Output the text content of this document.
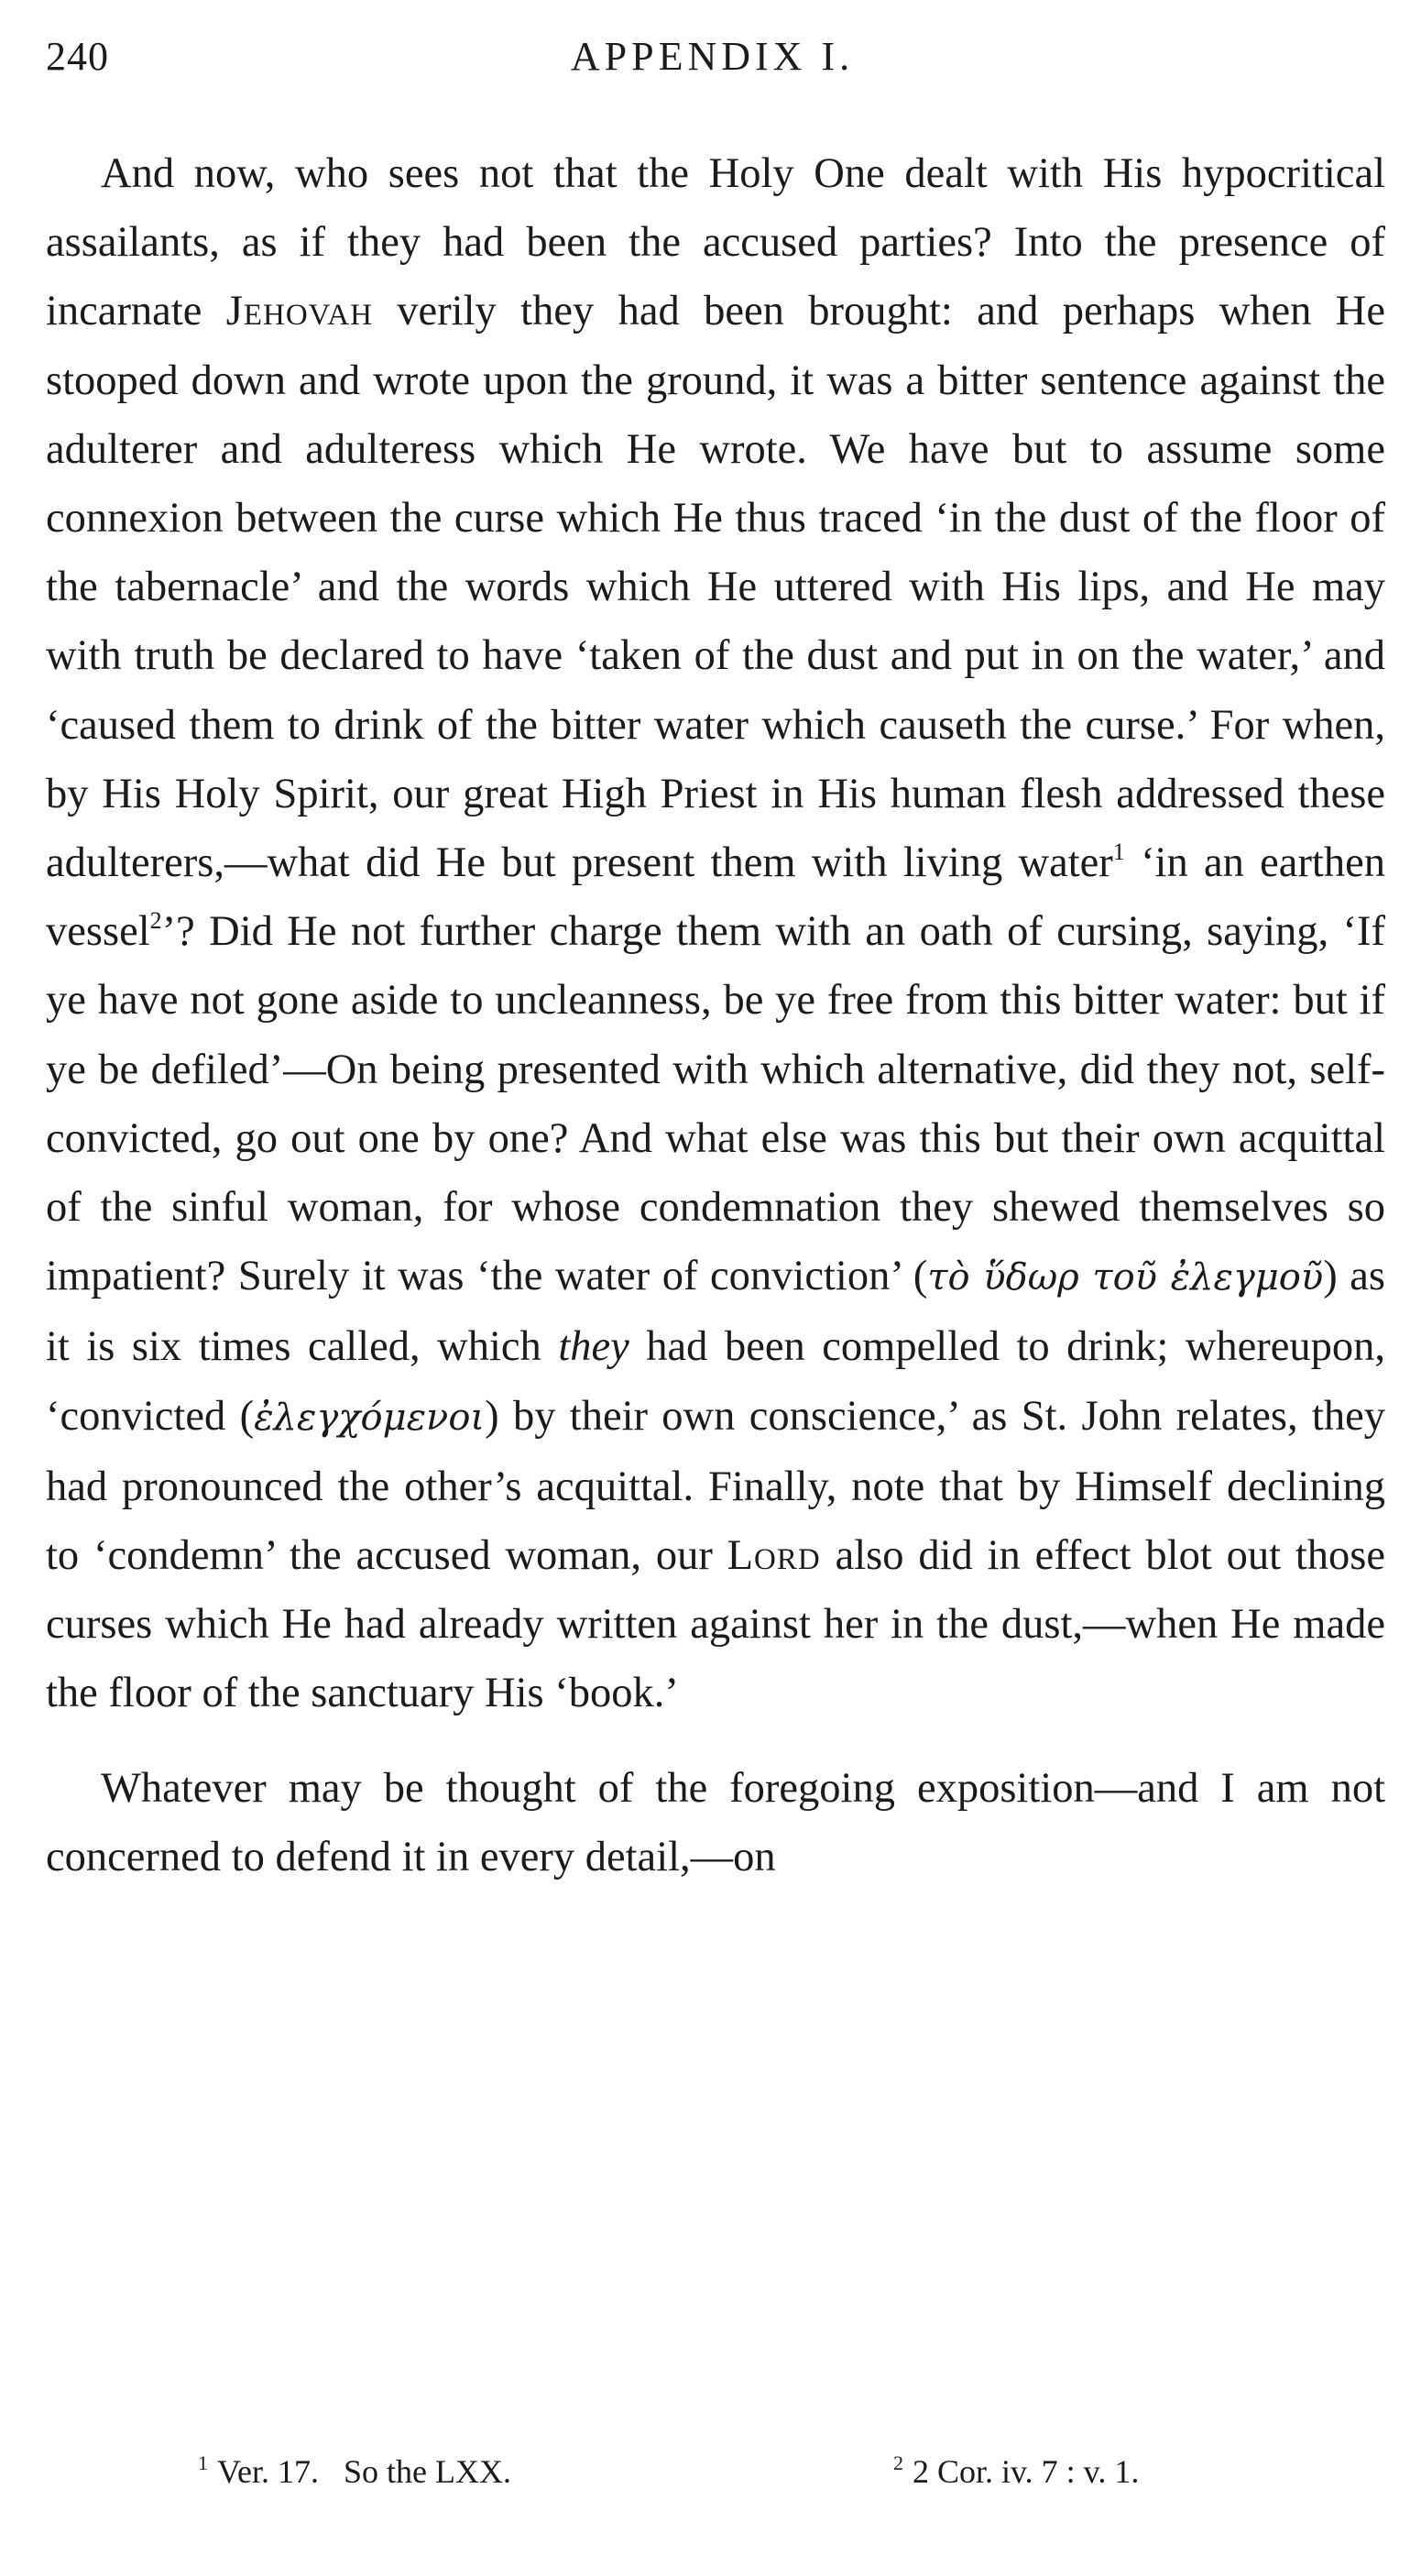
240	APPENDIX I.

And now, who sees not that the Holy One dealt with His hypocritical assailants, as if they had been the accused parties? Into the presence of incarnate Jehovah verily they had been brought: and perhaps when He stooped down and wrote upon the ground, it was a bitter sentence against the adulterer and adulteress which He wrote. We have but to assume some connexion between the curse which He thus traced ‘in the dust of the floor of the tabernacle’ and the words which He uttered with His lips, and He may with truth be declared to have ‘taken of the dust and put in on the water,’ and ‘caused them to drink of the bitter water which causeth the curse.’ For when, by His Holy Spirit, our great High Priest in His human flesh addressed these adulterers,—what did He but present them with living water$^1$ ‘in an earthen vessel$^2$’? Did He not further charge them with an oath of cursing, saying, ‘If ye have not gone aside to uncleanness, be ye free from this bitter water: but if ye be defiled’—On being presented with which alternative, did they not, self-convicted, go out one by one? And what else was this but their own acquittal of the sinful woman, for whose condemnation they shewed themselves so impatient? Surely it was ‘the water of conviction’ (τὸ ὕδωρ τοῦ ἐλεγμοῦ) as it is six times called, which they had been compelled to drink; whereupon, ‘convicted (ἐλεγχόμενοι) by their own conscience,’ as St. John relates, they had pronounced the other’s acquittal. Finally, note that by Himself declining to ‘condemn’ the accused woman, our Lord also did in effect blot out those curses which He had already written against her in the dust,—when He made the floor of the sanctuary His ‘book.’

Whatever may be thought of the foregoing exposition—and I am not concerned to defend it in every detail,—on

$^1$ Ver. 17.   So the LXX.	$^2$ 2 Cor. iv. 7 : v. 1.
